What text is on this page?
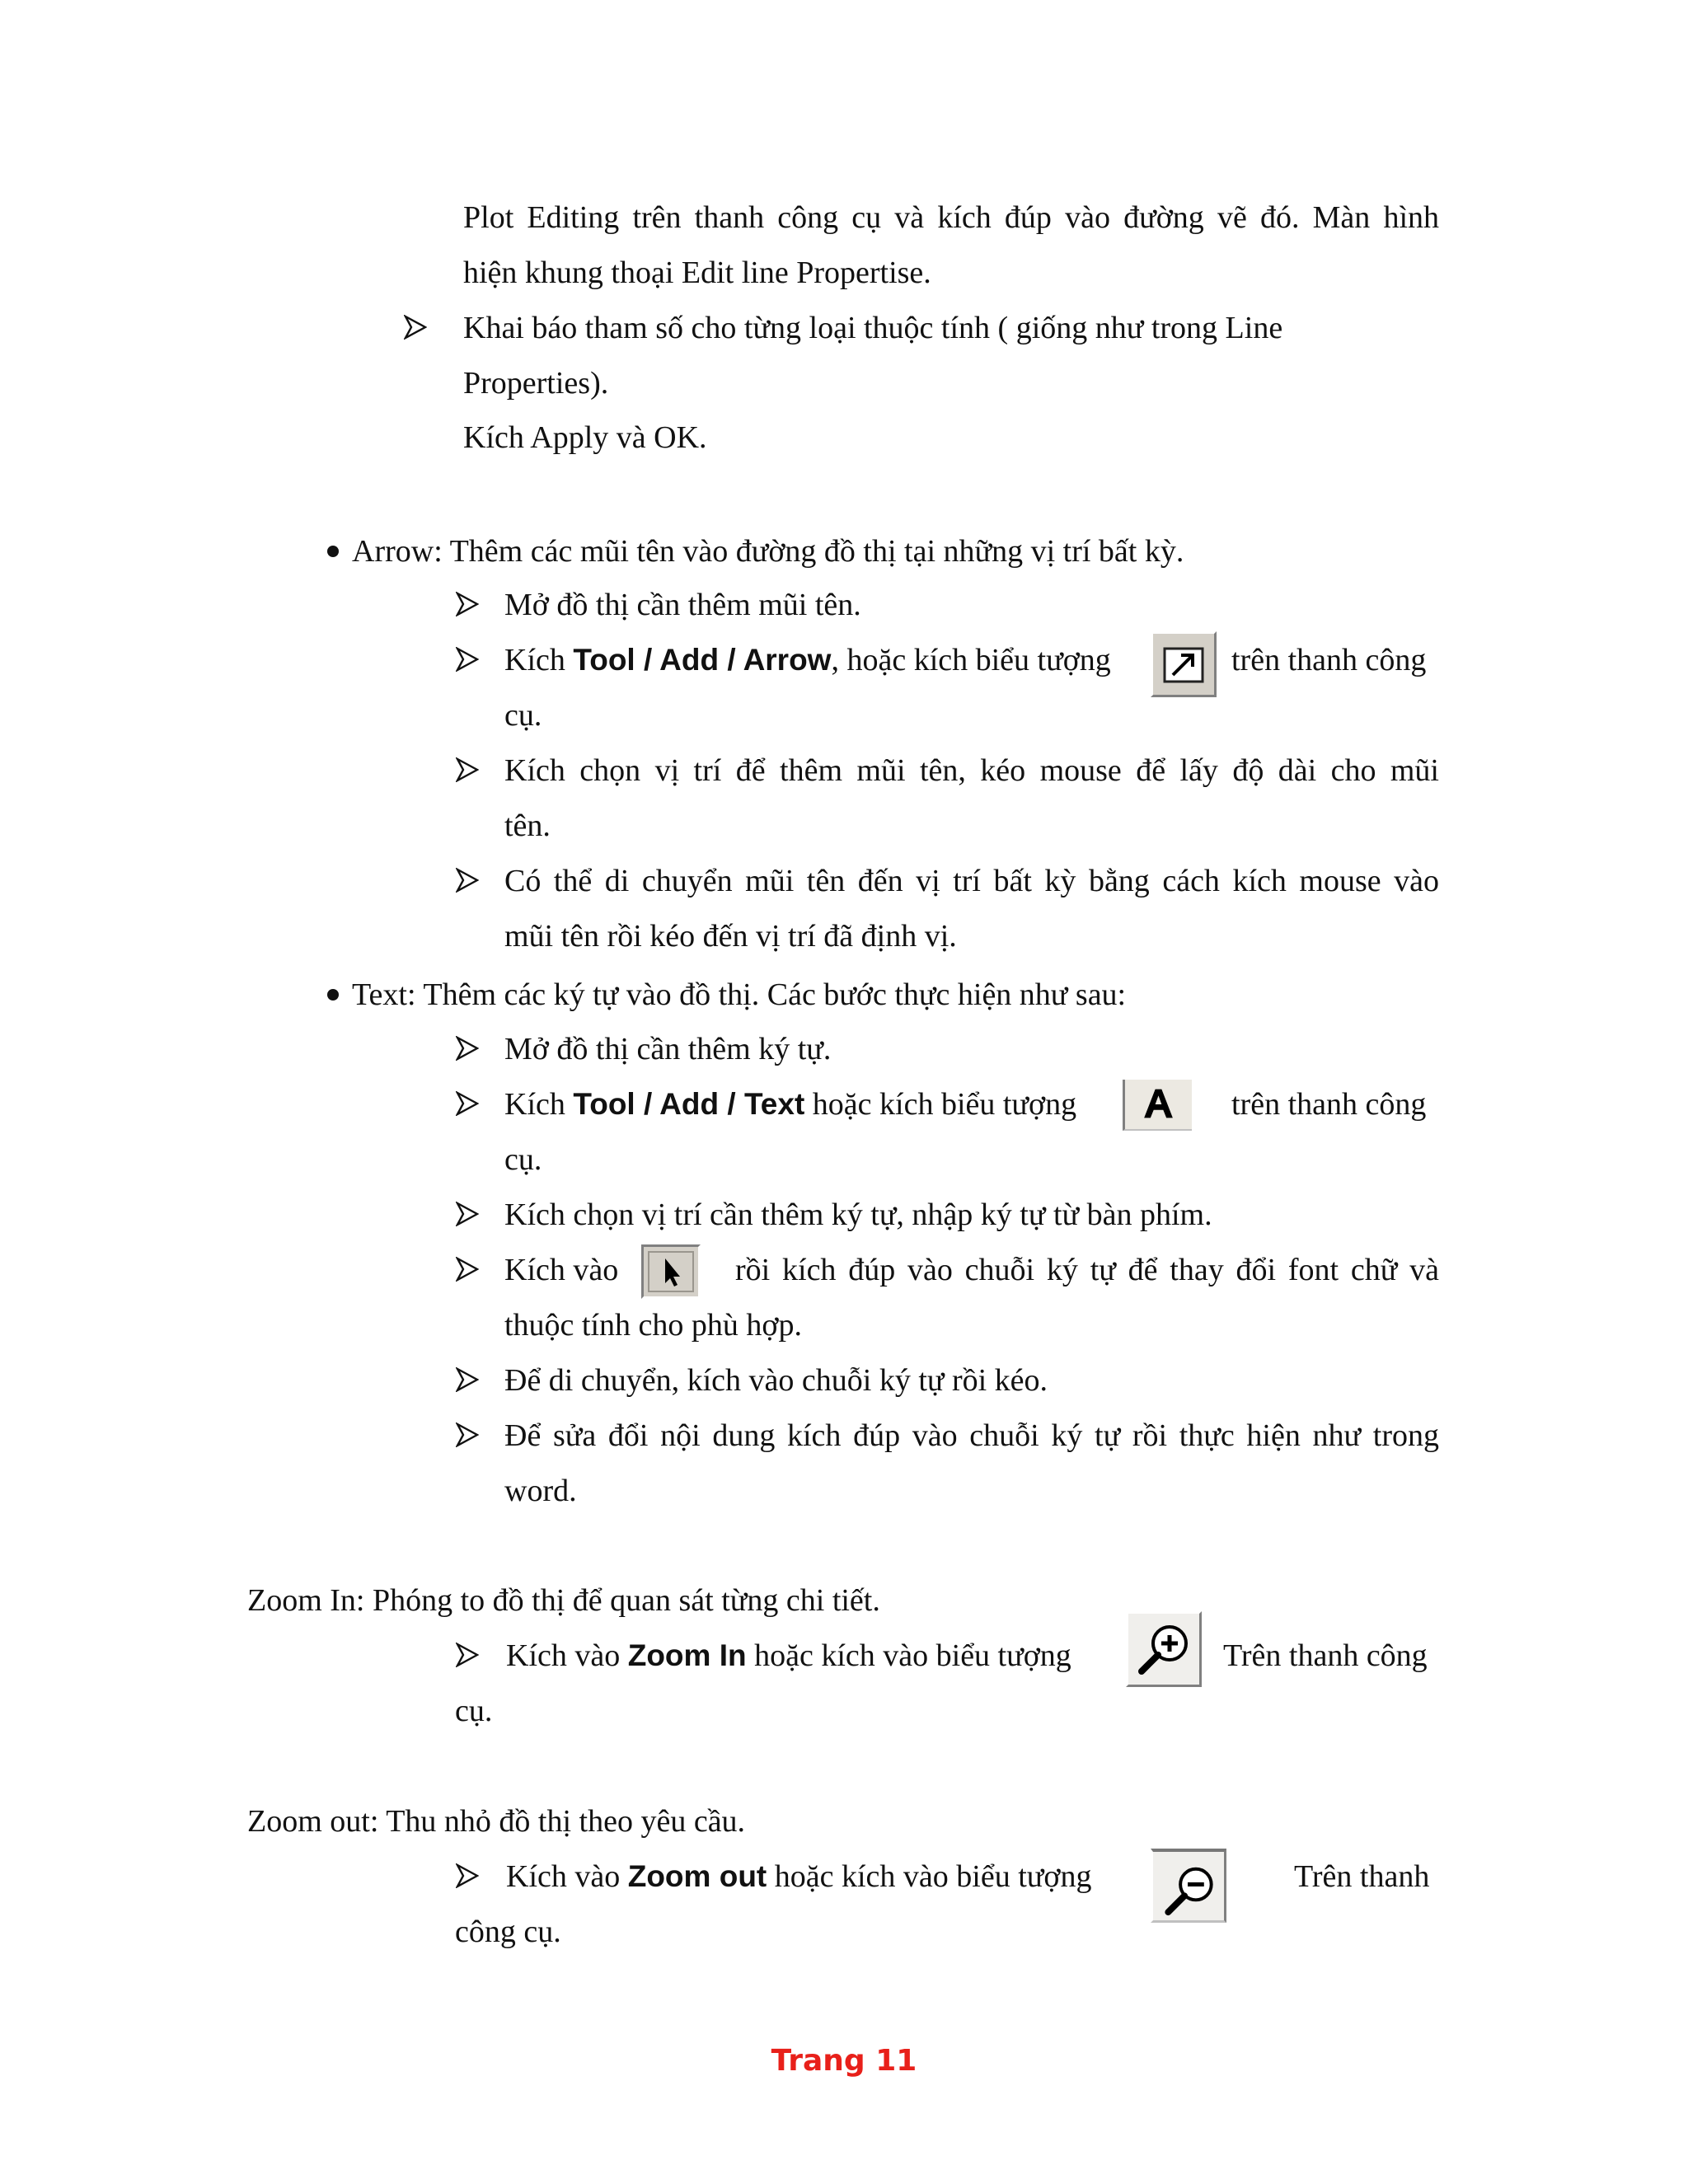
Plot Editing trên thanh công cụ và kích đúp vào đường vẽ đó. Màn hình
hiện khung thoại Edit line Propertise.
Khai báo tham số cho từng loại thuộc tính ( giống như trong Line
Properties).
Kích Apply và OK.
Arrow: Thêm các mũi tên vào đường đồ thị tại những vị trí bất kỳ.
Mở đồ thị cần thêm mũi tên.
Kích Tool / Add / Arrow, hoặc kích biểu tượng	trên thanh công
cụ.
Kích chọn vị trí để thêm mũi tên, kéo mouse để lấy độ dài cho mũi
tên.
Có thể di chuyển mũi tên đến vị trí bất kỳ bằng cách kích mouse vào
mũi tên rồi kéo đến vị trí đã định vị.
Text: Thêm các ký tự vào đồ thị. Các bước thực hiện như sau:
Mở đồ thị cần thêm ký tự.
Kích Tool / Add / Text hoặc kích biểu tượng	trên thanh công
cụ.
Kích chọn vị trí cần thêm ký tự, nhập ký tự từ bàn phím.
Kích vào	rồi kích đúp vào chuỗi ký tự để thay đổi font chữ và
thuộc tính cho phù hợp.
Để di chuyển, kích vào chuỗi ký tự rồi kéo.
Để sửa đổi nội dung kích đúp vào chuỗi ký tự rồi thực hiện như trong
word.
Zoom In: Phóng to đồ thị để quan sát từng chi tiết.
Kích vào Zoom In hoặc kích vào biểu tượng	Trên thanh công
cụ.
Zoom out: Thu nhỏ đồ thị theo yêu cầu.
Kích vào Zoom out hoặc kích vào biểu tượng	Trên thanh
công cụ.
Trang 11
